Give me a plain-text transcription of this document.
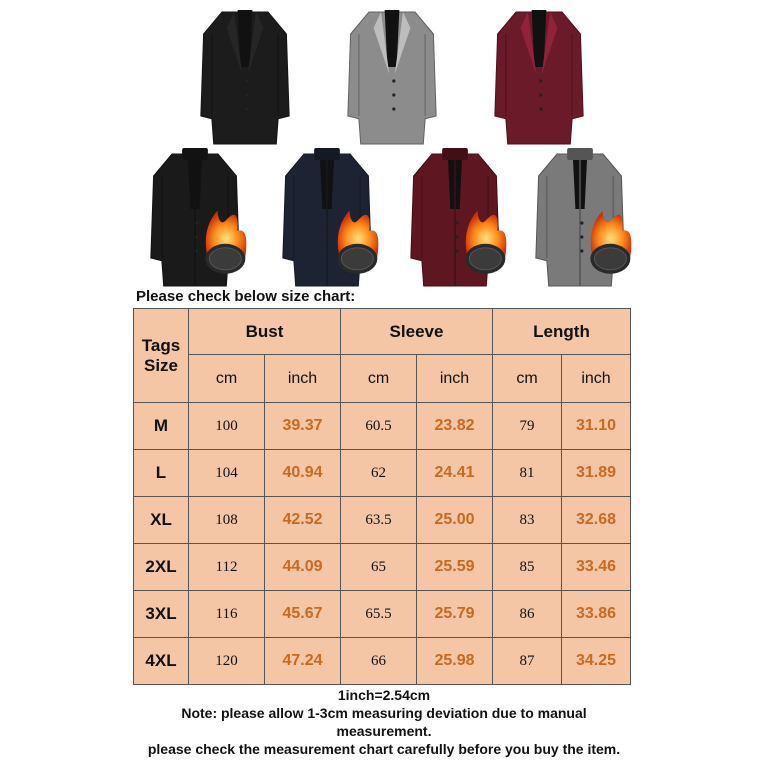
Please check below size chart:
Tags
Size	Bust		Sleeve		Length	
	cm	inch	cm	inch	cm	inch
M	100	39.37	60.5	23.82	79	31.10
L	104	40.94	62	24.41	81	31.89
XL	108	42.52	63.5	25.00	83	32.68
2XL	112	44.09	65	25.59	85	33.46
3XL	116	45.67	65.5	25.79	86	33.86
4XL	120	47.24	66	25.98	87	34.25
1inch=2.54cm
Note: please allow 1-3cm measuring deviation due to manual
measurement.
please check the measurement chart carefully before you buy the item.
